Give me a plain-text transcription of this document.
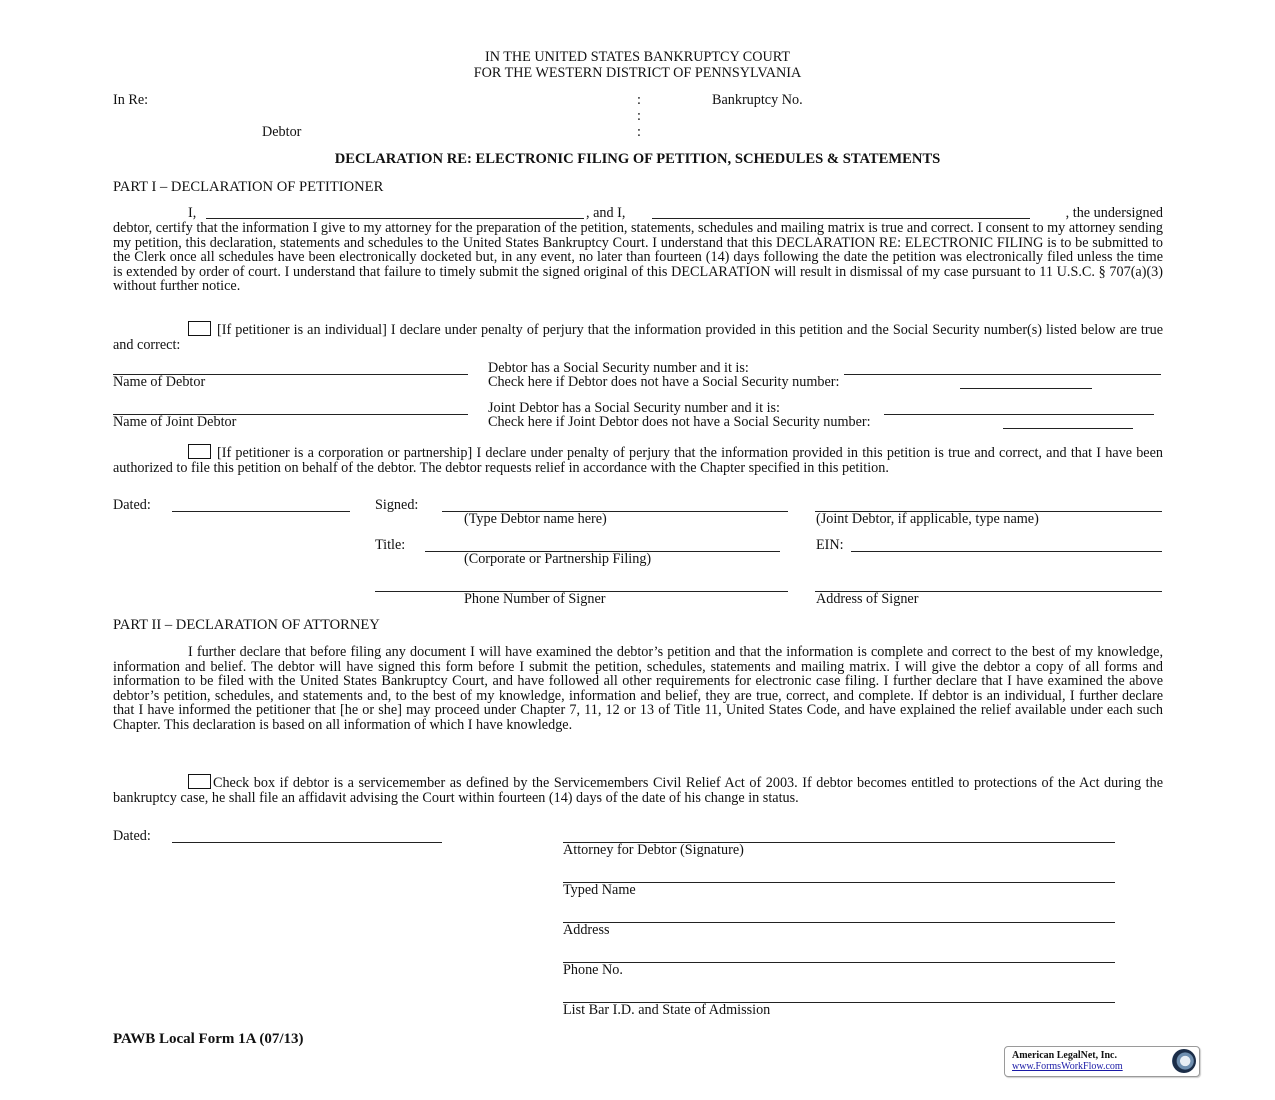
IN THE UNITED STATES BANKRUPTCY COURT
FOR THE WESTERN DISTRICT OF PENNSYLVANIA
In Re:	:	Bankruptcy No.
:
Debtor	:
DECLARATION RE: ELECTRONIC FILING OF PETITION, SCHEDULES & STATEMENTS
PART I – DECLARATION OF PETITIONER
I,	, and I,	, the undersigned
debtor, certify that the information I give to my attorney for the preparation of the petition, statements, schedules and mailing matrix is true and correct. I consent to my attorney sending my petition, this declaration, statements and schedules to the United States Bankruptcy Court. I understand that this DECLARATION RE: ELECTRONIC FILING is to be submitted to the Clerk once all schedules have been electronically docketed but, in any event, no later than fourteen (14) days following the date the petition was electronically filed unless the time is extended by order of court. I understand that failure to timely submit the signed original of this DECLARATION will result in dismissal of my case pursuant to 11 U.S.C. § 707(a)(3) without further notice.
[If petitioner is an individual] I declare under penalty of perjury that the information provided in this petition and the Social Security number(s) listed below are true and correct:
Name of Debtor
Debtor has a Social Security number and it is:
Check here if Debtor does not have a Social Security number:
Name of Joint Debtor
Joint Debtor has a Social Security number and it is:
Check here if Joint Debtor does not have a Social Security number:
[If petitioner is a corporation or partnership] I declare under penalty of perjury that the information provided in this petition is true and correct, and that I have been authorized to file this petition on behalf of the debtor. The debtor requests relief in accordance with the Chapter specified in this petition.
Dated:	Signed:
(Type Debtor name here)	(Joint Debtor, if applicable, type name)
Title:	EIN:
(Corporate or Partnership Filing)
Phone Number of Signer	Address of Signer
PART II – DECLARATION OF ATTORNEY
I further declare that before filing any document I will have examined the debtor’s petition and that the information is complete and correct to the best of my knowledge, information and belief. The debtor will have signed this form before I submit the petition, schedules, statements and mailing matrix. I will give the debtor a copy of all forms and information to be filed with the United States Bankruptcy Court, and have followed all other requirements for electronic case filing. I further declare that I have examined the above debtor’s petition, schedules, and statements and, to the best of my knowledge, information and belief, they are true, correct, and complete. If debtor is an individual, I further declare that I have informed the petitioner that [he or she] may proceed under Chapter 7, 11, 12 or 13 of Title 11, United States Code, and have explained the relief available under each such Chapter. This declaration is based on all information of which I have knowledge.
Check box if debtor is a servicemember as defined by the Servicemembers Civil Relief Act of 2003. If debtor becomes entitled to protections of the Act during the bankruptcy case, he shall file an affidavit advising the Court within fourteen (14) days of the date of his change in status.
Dated:
Attorney for Debtor (Signature)
Typed Name
Address
Phone No.
List Bar I.D. and State of Admission
PAWB Local Form 1A (07/13)
American LegalNet, Inc.
www.FormsWorkFlow.com
